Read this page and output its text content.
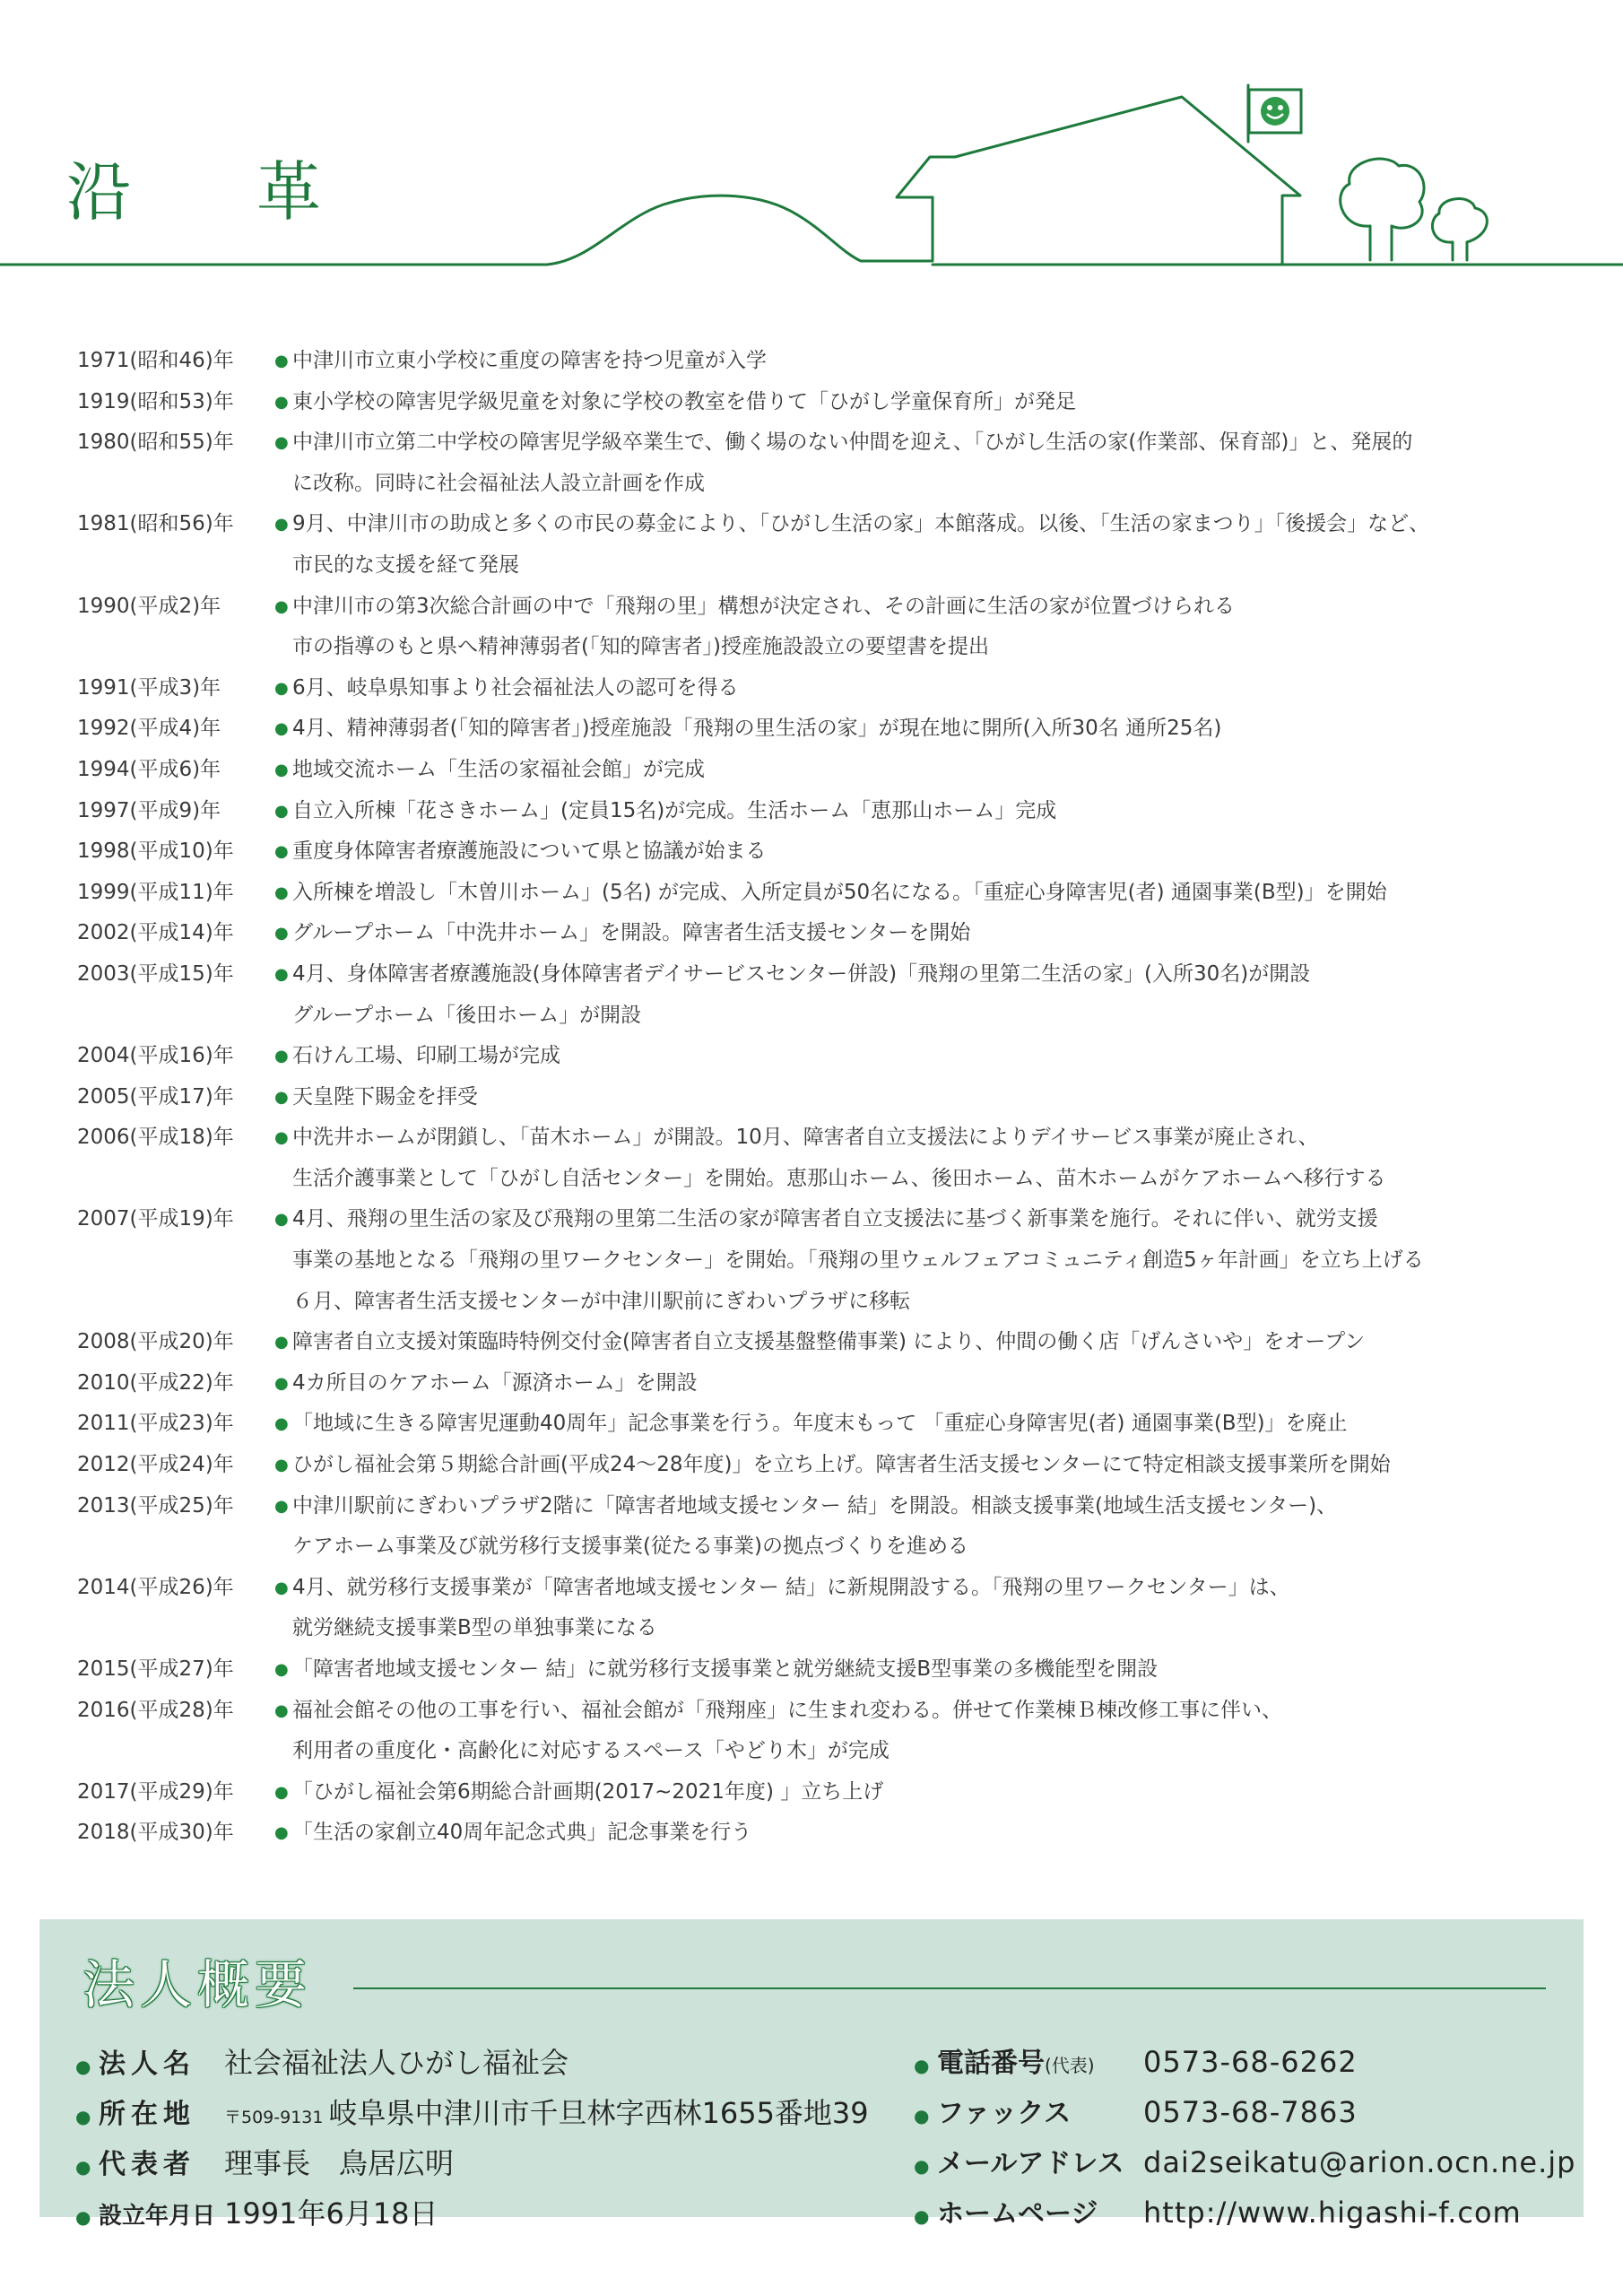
沿　革
1971(昭和46)年	● 中津川市立東小学校に重度の障害を持つ児童が入学
1919(昭和53)年	● 東小学校の障害児学級児童を対象に学校の教室を借りて「ひがし学童保育所」が発足
1980(昭和55)年	● 中津川市立第二中学校の障害児学級卒業生で、働く場のない仲間を迎え、「ひがし生活の家(作業部、保育部)」と、発展的
に改称。同時に社会福祉法人設立計画を作成
1981(昭和56)年	● 9月、中津川市の助成と多くの市民の募金により、「ひがし生活の家」本館落成。以後、「生活の家まつり」「後援会」など、
市民的な支援を経て発展
1990(平成2)年	● 中津川市の第3次総合計画の中で「飛翔の里」構想が決定され、その計画に生活の家が位置づけられる
市の指導のもと県へ精神薄弱者(「知的障害者」)授産施設設立の要望書を提出
1991(平成3)年	● 6月、岐阜県知事より社会福祉法人の認可を得る
1992(平成4)年	● 4月、精神薄弱者(「知的障害者」)授産施設「飛翔の里生活の家」が現在地に開所(入所30名 通所25名)
1994(平成6)年	● 地域交流ホーム「生活の家福祉会館」が完成
1997(平成9)年	● 自立入所棟「花さきホーム」(定員15名)が完成。生活ホーム「恵那山ホーム」完成
1998(平成10)年	● 重度身体障害者療護施設について県と協議が始まる
1999(平成11)年	● 入所棟を増設し「木曽川ホーム」(5名) が完成、入所定員が50名になる。「重症心身障害児(者) 通園事業(B型)」を開始
2002(平成14)年	● グループホーム「中洗井ホーム」を開設。障害者生活支援センターを開始
2003(平成15)年	● 4月、身体障害者療護施設(身体障害者デイサービスセンター併設)「飛翔の里第二生活の家」(入所30名)が開設
グループホーム「後田ホーム」が開設
2004(平成16)年	● 石けん工場、印刷工場が完成
2005(平成17)年	● 天皇陛下賜金を拝受
2006(平成18)年	● 中洗井ホームが閉鎖し、「苗木ホーム」が開設。10月、障害者自立支援法によりデイサービス事業が廃止され、
生活介護事業として「ひがし自活センター」を開始。恵那山ホーム、後田ホーム、苗木ホームがケアホームへ移行する
2007(平成19)年	● 4月、飛翔の里生活の家及び飛翔の里第二生活の家が障害者自立支援法に基づく新事業を施行。それに伴い、就労支援
事業の基地となる「飛翔の里ワークセンター」を開始。「飛翔の里ウェルフェアコミュニティ創造5ヶ年計画」を立ち上げる
６月、障害者生活支援センターが中津川駅前にぎわいプラザに移転
2008(平成20)年	● 障害者自立支援対策臨時特例交付金(障害者自立支援基盤整備事業) により、仲間の働く店「げんさいや」をオープン
2010(平成22)年	● 4カ所目のケアホーム「源済ホーム」を開設
2011(平成23)年	● 「地域に生きる障害児運動40周年」記念事業を行う。年度末もって 「重症心身障害児(者) 通園事業(B型)」を廃止
2012(平成24)年	● ひがし福祉会第５期総合計画(平成24〜28年度)」を立ち上げ。障害者生活支援センターにて特定相談支援事業所を開始
2013(平成25)年	● 中津川駅前にぎわいプラザ2階に「障害者地域支援センター 結」を開設。相談支援事業(地域生活支援センター)、
ケアホーム事業及び就労移行支援事業(従たる事業)の拠点づくりを進める
2014(平成26)年	● 4月、就労移行支援事業が「障害者地域支援センター 結」に新規開設する。「飛翔の里ワークセンター」は、
就労継続支援事業B型の単独事業になる
2015(平成27)年	● 「障害者地域支援センター 結」に就労移行支援事業と就労継続支援B型事業の多機能型を開設
2016(平成28)年	● 福祉会館その他の工事を行い、福祉会館が「飛翔座」に生まれ変わる。併せて作業棟Ｂ棟改修工事に伴い、
利用者の重度化・高齢化に対応するスペース「やどり木」が完成
2017(平成29)年	● 「ひがし福祉会第6期総合計画期(2017~2021年度) 」立ち上げ
2018(平成30)年	● 「生活の家創立40周年記念式典」記念事業を行う
法人概要
● 法人名	社会福祉法人ひがし福祉会
● 所在地	〒509-9131 岐阜県中津川市千旦林字西林1655番地39
● 代表者	理事長　鳥居広明
● 設立年月日 1991年6月18日
● 電話番号(代表)	0573-68-6262
● ファックス	0573-68-7863
● メールアドレス dai2seikatu@arion.ocn.ne.jp
● ホームページ	http://www.higashi-f.com
